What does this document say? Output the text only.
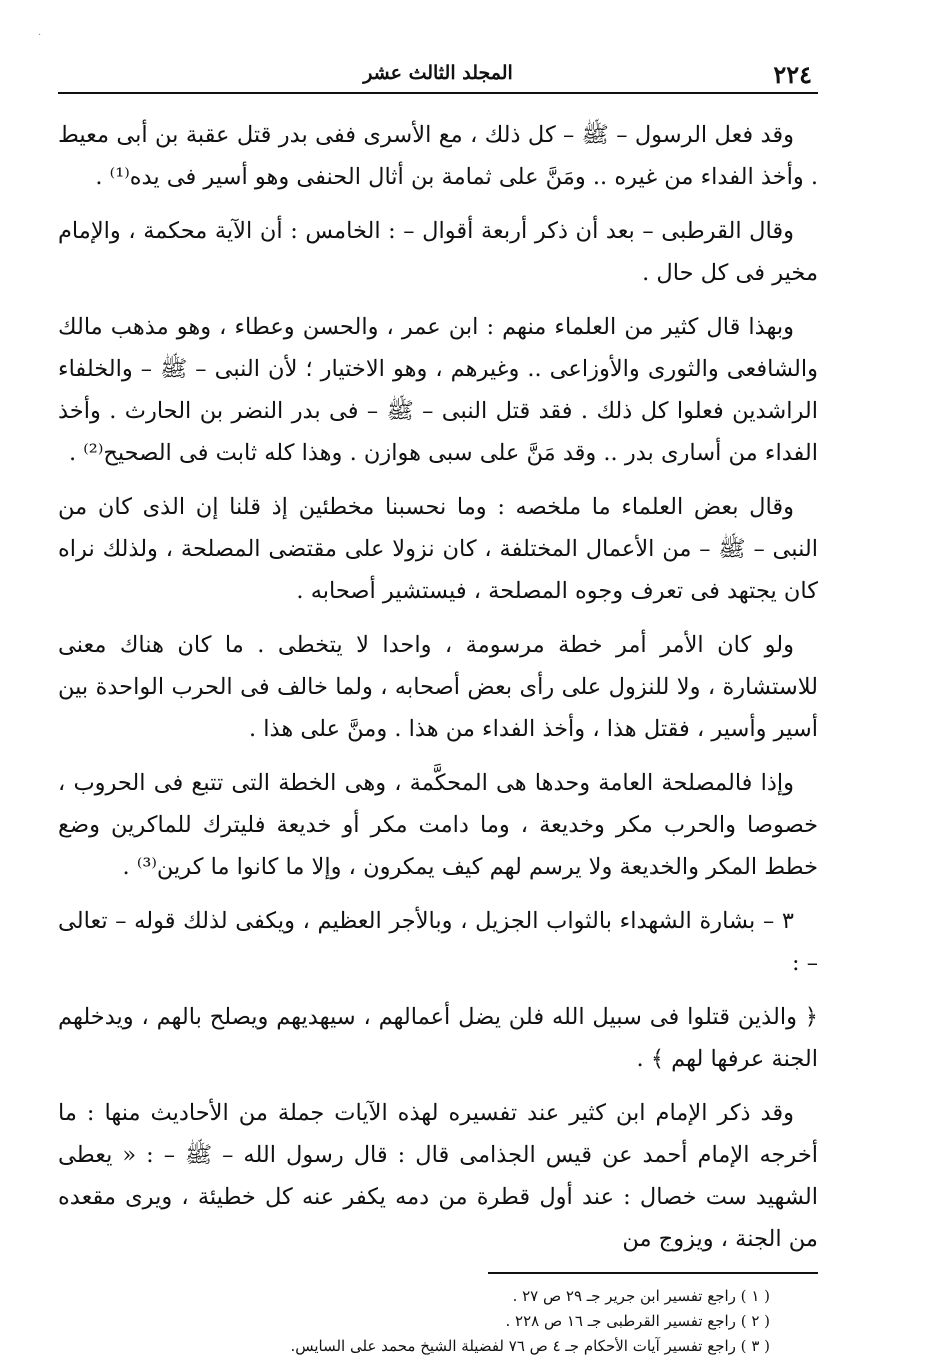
·
٢٢٤
المجلد الثالث عشر

وقد فعل الرسول – ﷺ – كل ذلك ، مع الأسرى ففى بدر قتل عقبة بن أبى معيط . وأخذ الفداء من غيره .. ومَنَّ على ثمامة بن أثال الحنفى وهو أسير فى يده⁽¹⁾ .

وقال القرطبى – بعد أن ذكر أربعة أقوال – : الخامس : أن الآية محكمة ، والإمام مخير فى كل حال .

وبهذا قال كثير من العلماء منهم : ابن عمر ، والحسن وعطاء ، وهو مذهب مالك والشافعى والثورى والأوزاعى .. وغيرهم ، وهو الاختيار ؛ لأن النبى – ﷺ – والخلفاء الراشدين فعلوا كل ذلك . فقد قتل النبى – ﷺ – فى بدر النضر بن الحارث . وأخذ الفداء من أسارى بدر .. وقد مَنَّ على سبى هوازن . وهذا كله ثابت فى الصحيح⁽²⁾ .

وقال بعض العلماء ما ملخصه : وما نحسبنا مخطئين إذ قلنا إن الذى كان من النبى – ﷺ – من الأعمال المختلفة ، كان نزولا على مقتضى المصلحة ، ولذلك نراه كان يجتهد فى تعرف وجوه المصلحة ، فيستشير أصحابه .

ولو كان الأمر أمر خطة مرسومة ، واحدا لا يتخطى . ما كان هناك معنى للاستشارة ، ولا للنزول على رأى بعض أصحابه ، ولما خالف فى الحرب الواحدة بين أسير وأسير ، فقتل هذا ، وأخذ الفداء من هذا . ومنَّ على هذا .

وإذا فالمصلحة العامة وحدها هى المحكَّمة ، وهى الخطة التى تتبع فى الحروب ، خصوصا والحرب مكر وخديعة ، وما دامت مكر أو خديعة فليترك للماكرين وضع خطط المكر والخديعة ولا يرسم لهم كيف يمكرون ، وإلا ما كانوا ما كرين⁽³⁾ .

٣ – بشارة الشهداء بالثواب الجزيل ، وبالأجر العظيم ، ويكفى لذلك قوله – تعالى – :

﴿ والذين قتلوا فى سبيل الله فلن يضل أعمالهم ، سيهديهم ويصلح بالهم ، ويدخلهم الجنة عرفها لهم ﴾ .

وقد ذكر الإمام ابن كثير عند تفسيره لهذه الآيات جملة من الأحاديث منها : ما أخرجه الإمام أحمد عن قيس الجذامى قال : قال رسول الله – ﷺ – : « يعطى الشهيد ست خصال : عند أول قطرة من دمه يكفر عنه كل خطيئة ، ويرى مقعده من الجنة ، ويزوج من

( ١ ) راجع تفسير ابن جرير جـ ٢٩ ص ٢٧ .

( ٢ ) راجع تفسير القرطبى جـ ١٦ ص ٢٢٨ .

( ٣ ) راجع تفسير آيات الأحكام جـ ٤ ص ٧٦ لفضيلة الشيخ محمد على السايس.
